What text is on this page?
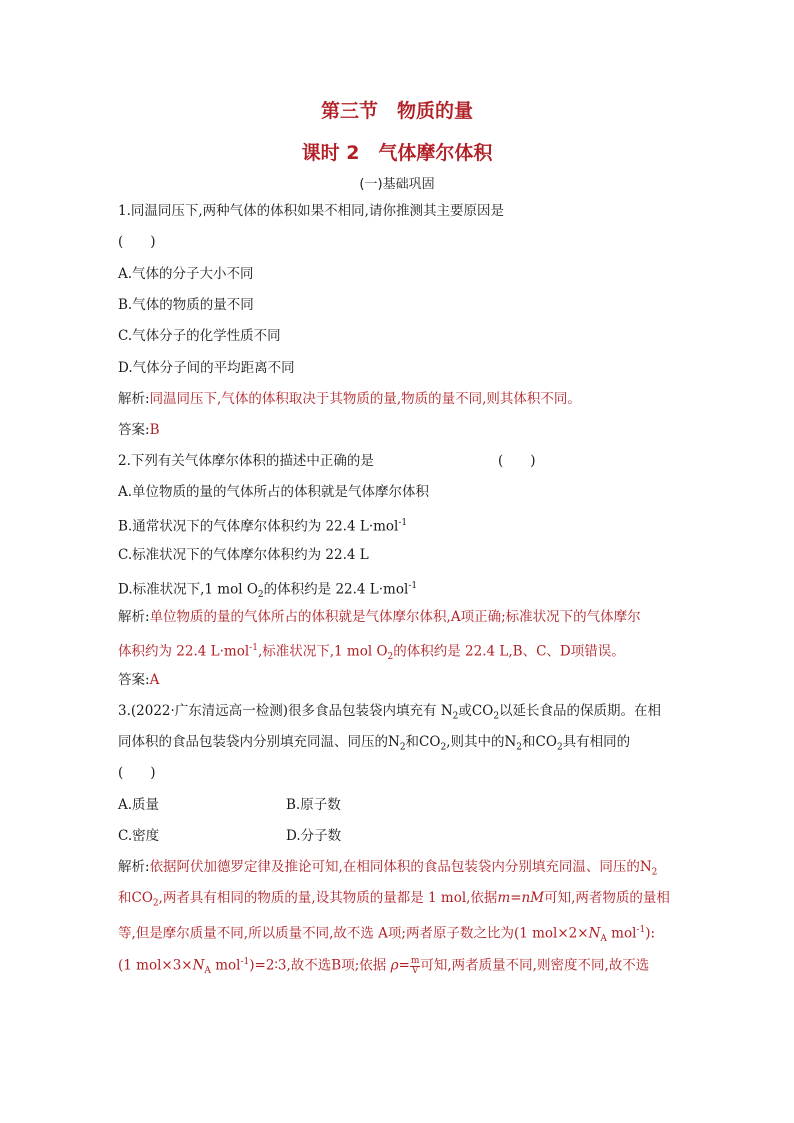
第三节　物质的量
课时 2　气体摩尔体积
(一)基础巩固
1.同温同压下,两种气体的体积如果不相同,请你推测其主要原因是
(　　)
A.气体的分子大小不同
B.气体的物质的量不同
C.气体分子的化学性质不同
D.气体分子间的平均距离不同
解析:同温同压下,气体的体积取决于其物质的量,物质的量不同,则其体积不同。
答案:B
2.下列有关气体摩尔体积的描述中正确的是	(　　)
A.单位物质的量的气体所占的体积就是气体摩尔体积
B.通常状况下的气体摩尔体积约为 22.4 L·mol$^{-1}$
C.标准状况下的气体摩尔体积约为 22.4 L
D.标准状况下,1 mol $O_2$的体积约是 22.4 L·mol$^{-1}$
解析:单位物质的量的气体所占的体积就是气体摩尔体积,A项正确;标准状况下的气体摩尔
体积约为 22.4 L·mol$^{-1}$,标准状况下,1 mol $O_2$的体积约是 22.4 L,B、C、D项错误。
答案:A
3.(2022·广东清远高一检测)很多食品包装袋内填充有 $N_2$或$CO_2$以延长食品的保质期。在相
同体积的食品包装袋内分别填充同温、同压的$N_2$和$CO_2$,则其中的$N_2$和$CO_2$具有相同的
(　　)
A.质量	B.原子数
C.密度	D.分子数
解析:依据阿伏加德罗定律及推论可知,在相同体积的食品包装袋内分别填充同温、同压的$N_2$
和$CO_2$,两者具有相同的物质的量,设其物质的量都是 1 mol,依据m=nM可知,两者物质的量相
等,但是摩尔质量不同,所以质量不同,故不选 A项;两者原子数之比为(1 $mol\times 2\times N_A$ mol$^{-1}$):
(1 $mol\times 3\times N_A$ mol$^{-1}$)=2∶3,故不选B项;依据 $\rho= \frac{m}{V}$ 可知,两者质量不同,则密度不同,故不选
